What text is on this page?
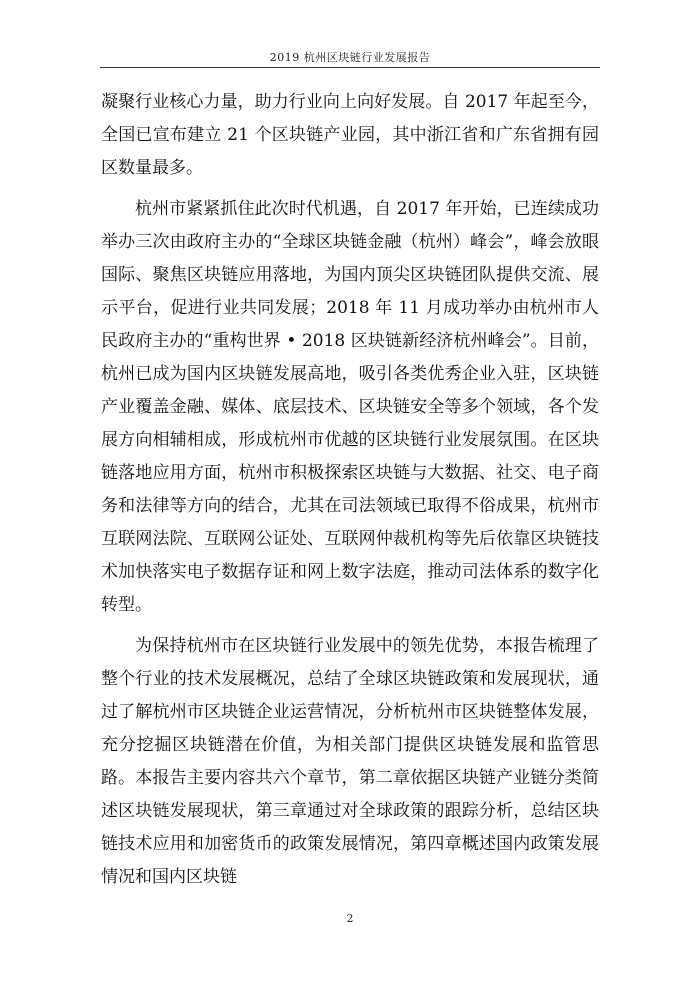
2019 杭州区块链行业发展报告

凝聚行业核心力量，助力行业向上向好发展。自 2017 年起至今，全国已宣布建立 21 个区块链产业园，其中浙江省和广东省拥有园区数量最多。

杭州市紧紧抓住此次时代机遇，自 2017 年开始，已连续成功举办三次由政府主办的“全球区块链金融（杭州）峰会”，峰会放眼国际、聚焦区块链应用落地，为国内顶尖区块链团队提供交流、展示平台，促进行业共同发展；2018 年 11 月成功举办由杭州市人民政府主办的“重构世界 • 2018 区块链新经济杭州峰会”。目前，杭州已成为国内区块链发展高地，吸引各类优秀企业入驻，区块链产业覆盖金融、媒体、底层技术、区块链安全等多个领域，各个发展方向相辅相成，形成杭州市优越的区块链行业发展氛围。在区块链落地应用方面，杭州市积极探索区块链与大数据、社交、电子商务和法律等方向的结合，尤其在司法领域已取得不俗成果，杭州市互联网法院、互联网公证处、互联网仲裁机构等先后依靠区块链技术加快落实电子数据存证和网上数字法庭，推动司法体系的数字化转型。

为保持杭州市在区块链行业发展中的领先优势，本报告梳理了整个行业的技术发展概况，总结了全球区块链政策和发展现状，通过了解杭州市区块链企业运营情况，分析杭州市区块链整体发展，充分挖掘区块链潜在价值，为相关部门提供区块链发展和监管思路。本报告主要内容共六个章节，第二章依据区块链产业链分类简述区块链发展现状，第三章通过对全球政策的跟踪分析，总结区块链技术应用和加密货币的政策发展情况，第四章概述国内政策发展情况和国内区块链

2
